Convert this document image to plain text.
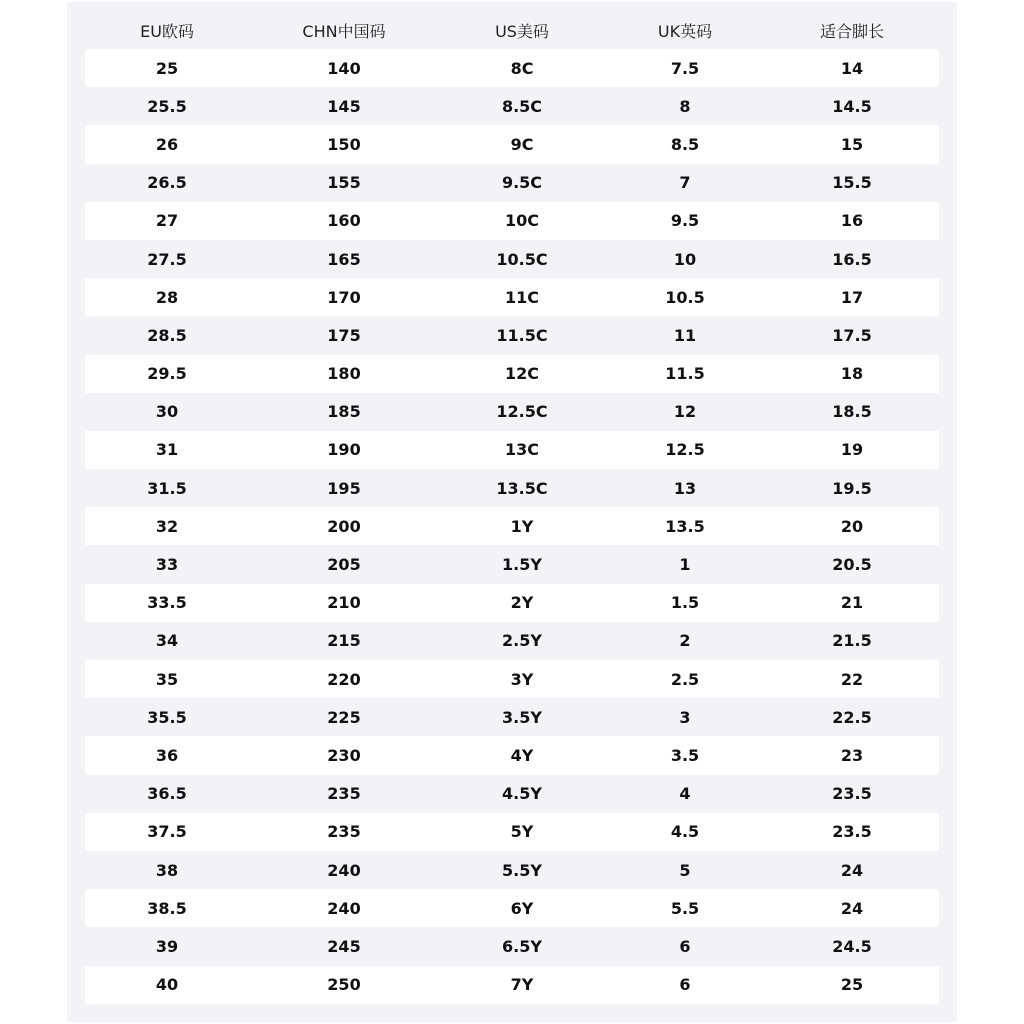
EU欧码	CHN中国码	US美码	UK英码	适合脚长
25	140	8C	7.5	14
25.5	145	8.5C	8	14.5
26	150	9C	8.5	15
26.5	155	9.5C	7	15.5
27	160	10C	9.5	16
27.5	165	10.5C	10	16.5
28	170	11C	10.5	17
28.5	175	11.5C	11	17.5
29.5	180	12C	11.5	18
30	185	12.5C	12	18.5
31	190	13C	12.5	19
31.5	195	13.5C	13	19.5
32	200	1Y	13.5	20
33	205	1.5Y	1	20.5
33.5	210	2Y	1.5	21
34	215	2.5Y	2	21.5
35	220	3Y	2.5	22
35.5	225	3.5Y	3	22.5
36	230	4Y	3.5	23
36.5	235	4.5Y	4	23.5
37.5	235	5Y	4.5	23.5
38	240	5.5Y	5	24
38.5	240	6Y	5.5	24
39	245	6.5Y	6	24.5
40	250	7Y	6	25
